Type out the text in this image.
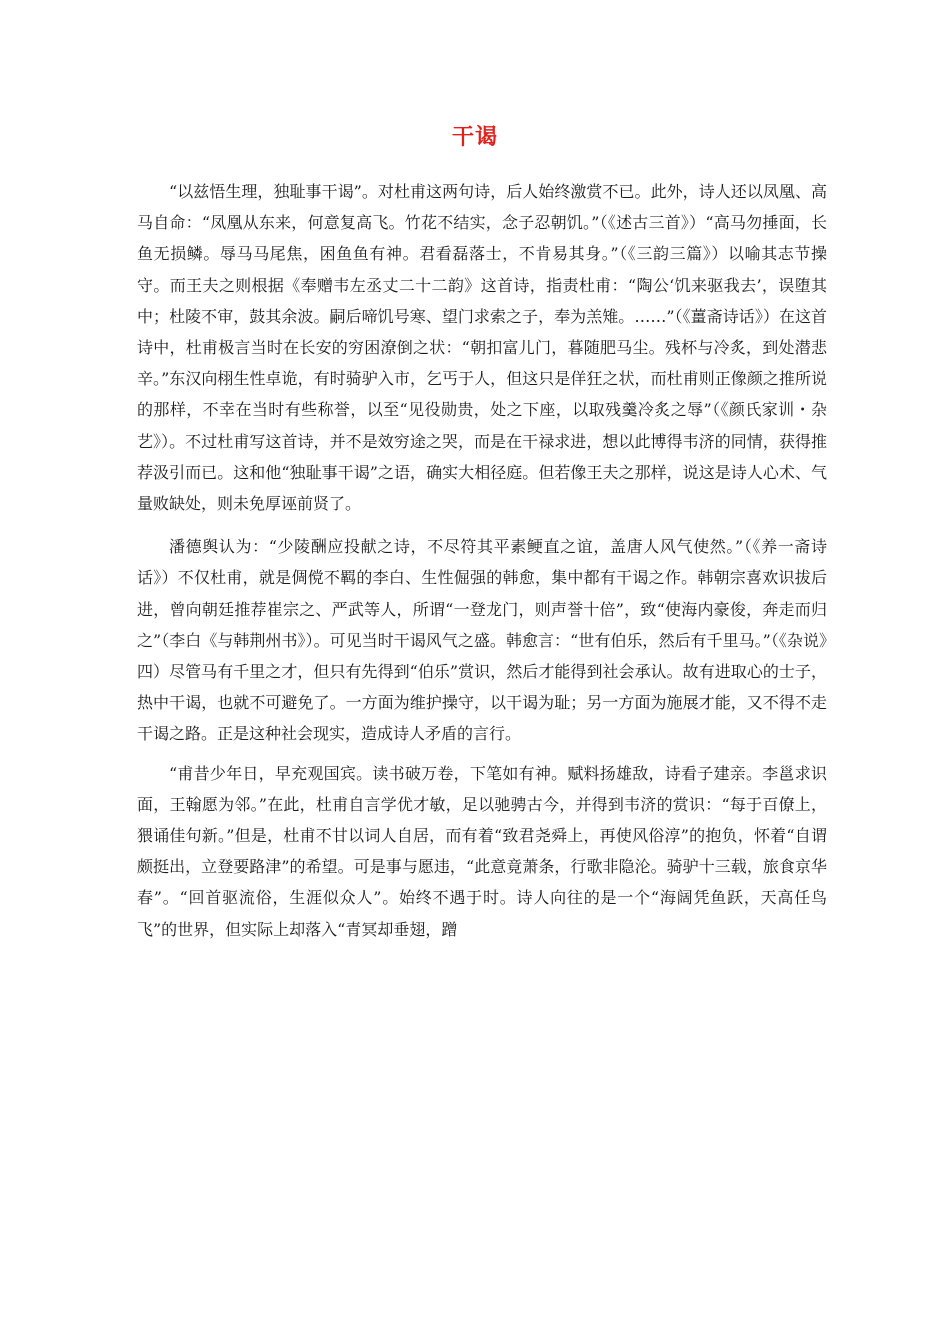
干谒

“以兹悟生理，独耻事干谒”。对杜甫这两句诗，后人始终激赏不已。此外，诗人还以凤凰、高马自命：“凤凰从东来，何意复高飞。竹花不结实，念子忍朝饥。”（《述古三首》）“高马勿捶面，长鱼无损鳞。辱马马尾焦，困鱼鱼有神。君看磊落士，不肯易其身。”（《三韵三篇》）以喻其志节操守。而王夫之则根据《奉赠韦左丞丈二十二韵》这首诗，指责杜甫：“陶公‘饥来驱我去’，误堕其中；杜陵不审，鼓其余波。嗣后啼饥号寒、望门求索之子，奉为羔雉。……”（《薑斋诗话》）在这首诗中，杜甫极言当时在长安的穷困潦倒之状：“朝扣富儿门，暮随肥马尘。残杯与冷炙，到处潜悲辛。”东汉向栩生性卓诡，有时骑驴入市，乞丐于人，但这只是佯狂之状，而杜甫则正像颜之推所说的那样，不幸在当时有些称誉，以至“见役勋贵，处之下座，以取残羹冷炙之辱”（《颜氏家训・杂艺》）。不过杜甫写这首诗，并不是效穷途之哭，而是在干禄求进，想以此博得韦济的同情，获得推荐汲引而已。这和他“独耻事干谒”之语，确实大相径庭。但若像王夫之那样，说这是诗人心术、气量败缺处，则未免厚诬前贤了。

潘德舆认为：“少陵酬应投献之诗，不尽符其平素鲠直之谊，盖唐人风气使然。”（《养一斋诗话》）不仅杜甫，就是倜傥不羁的李白、生性倔强的韩愈，集中都有干谒之作。韩朝宗喜欢识拔后进，曾向朝廷推荐崔宗之、严武等人，所谓“一登龙门，则声誉十倍”，致“使海内豪俊，奔走而归之”（李白《与韩荆州书》）。可见当时干谒风气之盛。韩愈言：“世有伯乐，然后有千里马。”（《杂说》四）尽管马有千里之才，但只有先得到“伯乐”赏识，然后才能得到社会承认。故有进取心的士子，热中干谒，也就不可避免了。一方面为维护操守，以干谒为耻；另一方面为施展才能，又不得不走干谒之路。正是这种社会现实，造成诗人矛盾的言行。

“甫昔少年日，早充观国宾。读书破万卷，下笔如有神。赋料扬雄敌，诗看子建亲。李邕求识面，王翰愿为邻。”在此，杜甫自言学优才敏，足以驰骋古今，并得到韦济的赏识：“每于百僚上，猥诵佳句新。”但是，杜甫不甘以词人自居，而有着“致君尧舜上，再使风俗淳”的抱负，怀着“自谓颇挺出，立登要路津”的希望。可是事与愿违，“此意竟萧条，行歌非隐沦。骑驴十三载，旅食京华春”。“回首驱流俗，生涯似众人”。始终不遇于时。诗人向往的是一个“海阔凭鱼跃，天高任鸟飞”的世界，但实际上却落入“青冥却垂翅，蹭
